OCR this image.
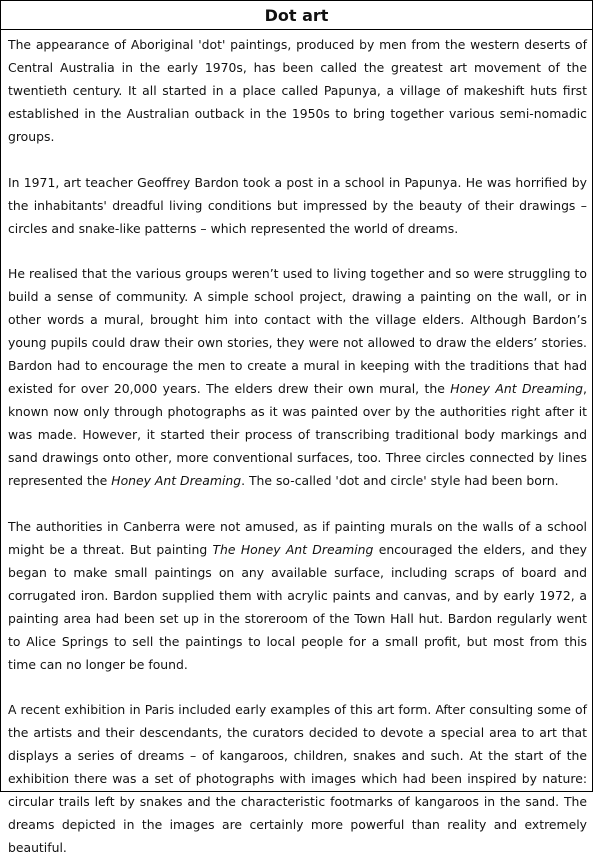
Dot art

The appearance of Aboriginal 'dot' paintings, produced by men from the western deserts of Central Australia in the early 1970s, has been called the greatest art movement of the twentieth century. It all started in a place called Papunya, a village of makeshift huts first established in the Australian outback in the 1950s to bring together various semi-nomadic groups.

In 1971, art teacher Geoffrey Bardon took a post in a school in Papunya. He was horrified by the inhabitants' dreadful living conditions but impressed by the beauty of their drawings – circles and snake-like patterns – which represented the world of dreams.

He realised that the various groups weren’t used to living together and so were struggling to build a sense of community. A simple school project, drawing a painting on the wall, or in other words a mural, brought him into contact with the village elders. Although Bardon’s young pupils could draw their own stories, they were not allowed to draw the elders’ stories. Bardon had to encourage the men to create a mural in keeping with the traditions that had existed for over 20,000 years. The elders drew their own mural, the Honey Ant Dreaming, known now only through photographs as it was painted over by the authorities right after it was made. However, it started their process of transcribing traditional body markings and sand drawings onto other, more conventional surfaces, too. Three circles connected by lines represented the Honey Ant Dreaming. The so-called 'dot and circle' style had been born.

The authorities in Canberra were not amused, as if painting murals on the walls of a school might be a threat. But painting The Honey Ant Dreaming encouraged the elders, and they began to make small paintings on any available surface, including scraps of board and corrugated iron. Bardon supplied them with acrylic paints and canvas, and by early 1972, a painting area had been set up in the storeroom of the Town Hall hut. Bardon regularly went to Alice Springs to sell the paintings to local people for a small profit, but most from this time can no longer be found.

A recent exhibition in Paris included early examples of this art form. After consulting some of the artists and their descendants, the curators decided to devote a special area to art that displays a series of dreams – of kangaroos, children, snakes and such. At the start of the exhibition there was a set of photographs with images which had been inspired by nature: circular trails left by snakes and the characteristic footmarks of kangaroos in the sand. The dreams depicted in the images are certainly more powerful than reality and extremely beautiful.
